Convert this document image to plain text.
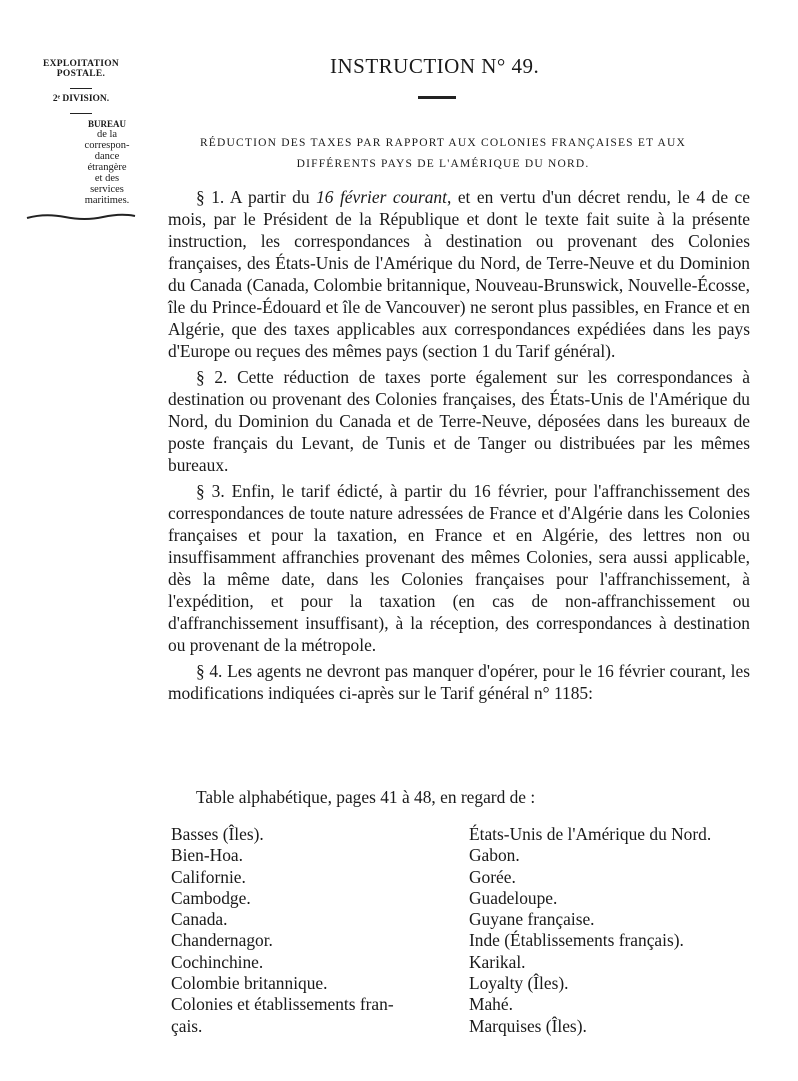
EXPLOITATION
POSTALE.
2ᵉ DIVISION.
BUREAU
de la
correspon-
dance
étrangère
et des
services
maritimes.
INSTRUCTION N° 49.
RÉDUCTION DES TAXES PAR RAPPORT AUX COLONIES FRANÇAISES ET AUX
DIFFÉRENTS PAYS DE L'AMÉRIQUE DU NORD.

§ 1. A partir du 16 février courant, et en vertu d'un décret rendu, le 4 de ce mois, par le Président de la République et dont le texte fait suite à la présente instruction, les correspondances à destination ou provenant des Colonies françaises, des États-Unis de l'Amérique du Nord, de Terre-Neuve et du Dominion du Canada (Canada, Colombie britannique, Nouveau-Brunswick, Nouvelle-Écosse, île du Prince-Édouard et île de Vancouver) ne seront plus passibles, en France et en Algérie, que des taxes applicables aux correspondances expédiées dans les pays d'Europe ou reçues des mêmes pays (section 1 du Tarif général).

§ 2. Cette réduction de taxes porte également sur les correspondances à destination ou provenant des Colonies françaises, des États-Unis de l'Amérique du Nord, du Dominion du Canada et de Terre-Neuve, déposées dans les bureaux de poste français du Levant, de Tunis et de Tanger ou distribuées par les mêmes bureaux.

§ 3. Enfin, le tarif édicté, à partir du 16 février, pour l'affranchissement des correspondances de toute nature adressées de France et d'Algérie dans les Colonies françaises et pour la taxation, en France et en Algérie, des lettres non ou insuffisamment affranchies provenant des mêmes Colonies, sera aussi applicable, dès la même date, dans les Colonies françaises pour l'affranchissement, à l'expédition, et pour la taxation (en cas de non-affranchissement ou d'affranchissement insuffisant), à la réception, des correspondances à destination ou provenant de la métropole.

§ 4. Les agents ne devront pas manquer d'opérer, pour le 16 février courant, les modifications indiquées ci-après sur le Tarif général n° 1185:

Table alphabétique, pages 41 à 48, en regard de :
Basses (Îles).
Bien-Hoa.
Californie.
Cambodge.
Canada.
Chandernagor.
Cochinchine.
Colombie britannique.
Colonies et établissements fran-
çais.
États-Unis de l'Amérique du Nord.
Gabon.
Gorée.
Guadeloupe.
Guyane française.
Inde (Établissements français).
Karikal.
Loyalty (Îles).
Mahé.
Marquises (Îles).
